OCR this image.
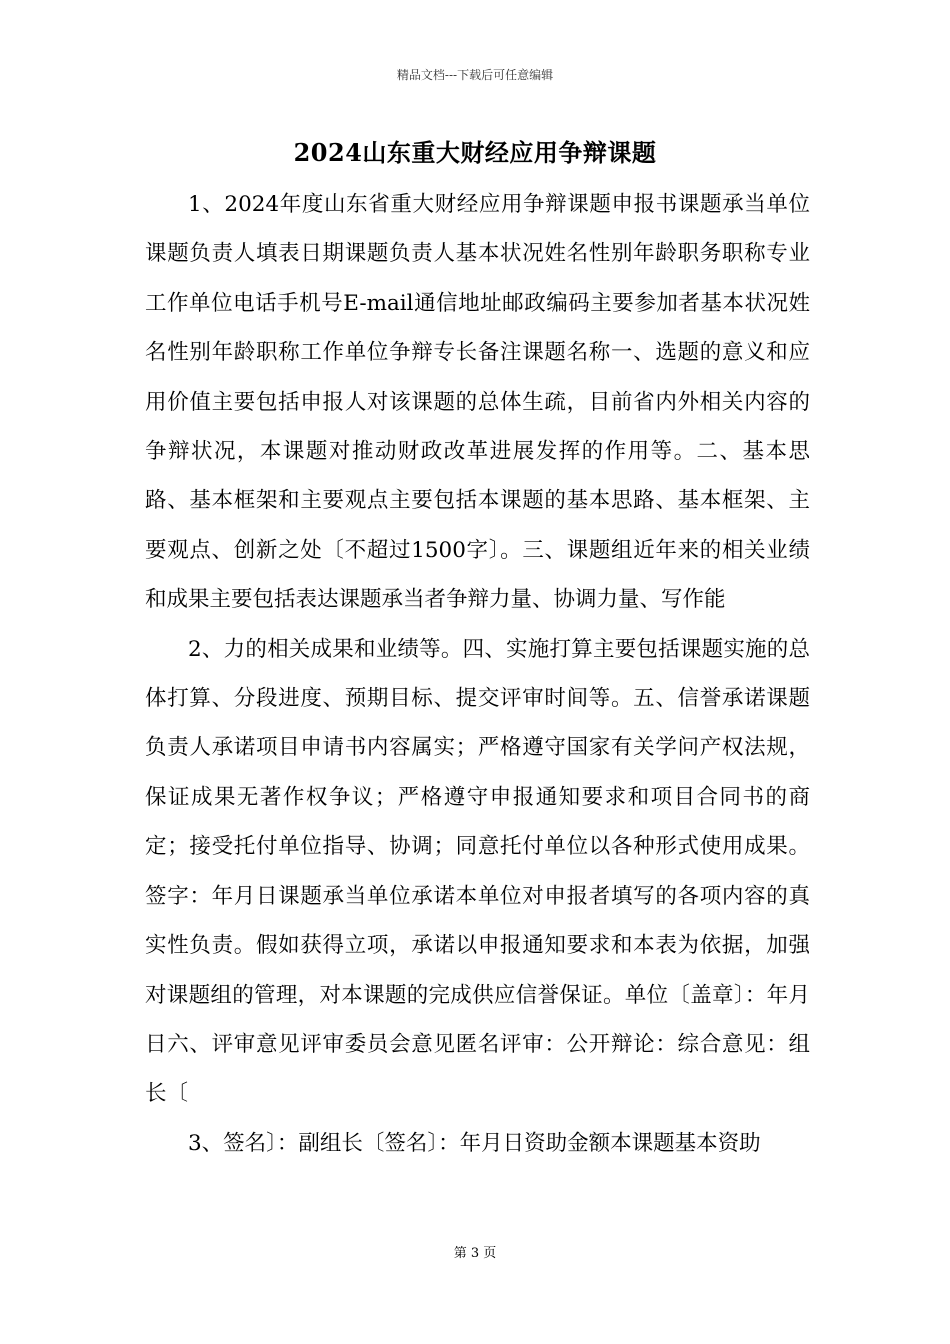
精品文档---下载后可任意编辑
2024山东重大财经应用争辩课题

1、2024年度山东省重大财经应用争辩课题申报书课题承当单位课题负责人填表日期课题负责人基本状况姓名性别年龄职务职称专业工作单位电话手机号E-mail通信地址邮政编码主要参加者基本状况姓名性别年龄职称工作单位争辩专长备注课题名称一、选题的意义和应用价值主要包括申报人对该课题的总体生疏，目前省内外相关内容的争辩状况，本课题对推动财政改革进展发挥的作用等。二、基本思路、基本框架和主要观点主要包括本课题的基本思路、基本框架、主要观点、创新之处〔不超过1500字〕。三、课题组近年来的相关业绩和成果主要包括表达课题承当者争辩力量、协调力量、写作能

2、力的相关成果和业绩等。四、实施打算主要包括课题实施的总体打算、分段进度、预期目标、提交评审时间等。五、信誉承诺课题负责人承诺项目申请书内容属实；严格遵守国家有关学问产权法规，保证成果无著作权争议；严格遵守申报通知要求和项目合同书的商定；接受托付单位指导、协调；同意托付单位以各种形式使用成果。签字：年月日课题承当单位承诺本单位对申报者填写的各项内容的真实性负责。假如获得立项，承诺以申报通知要求和本表为依据，加强对课题组的管理，对本课题的完成供应信誉保证。单位〔盖章〕：年月日六、评审意见评审委员会意见匿名评审：公开辩论：综合意见：组长〔

3、签名〕：副组长〔签名〕：年月日资助金额本课题基本资助

第 3 页
